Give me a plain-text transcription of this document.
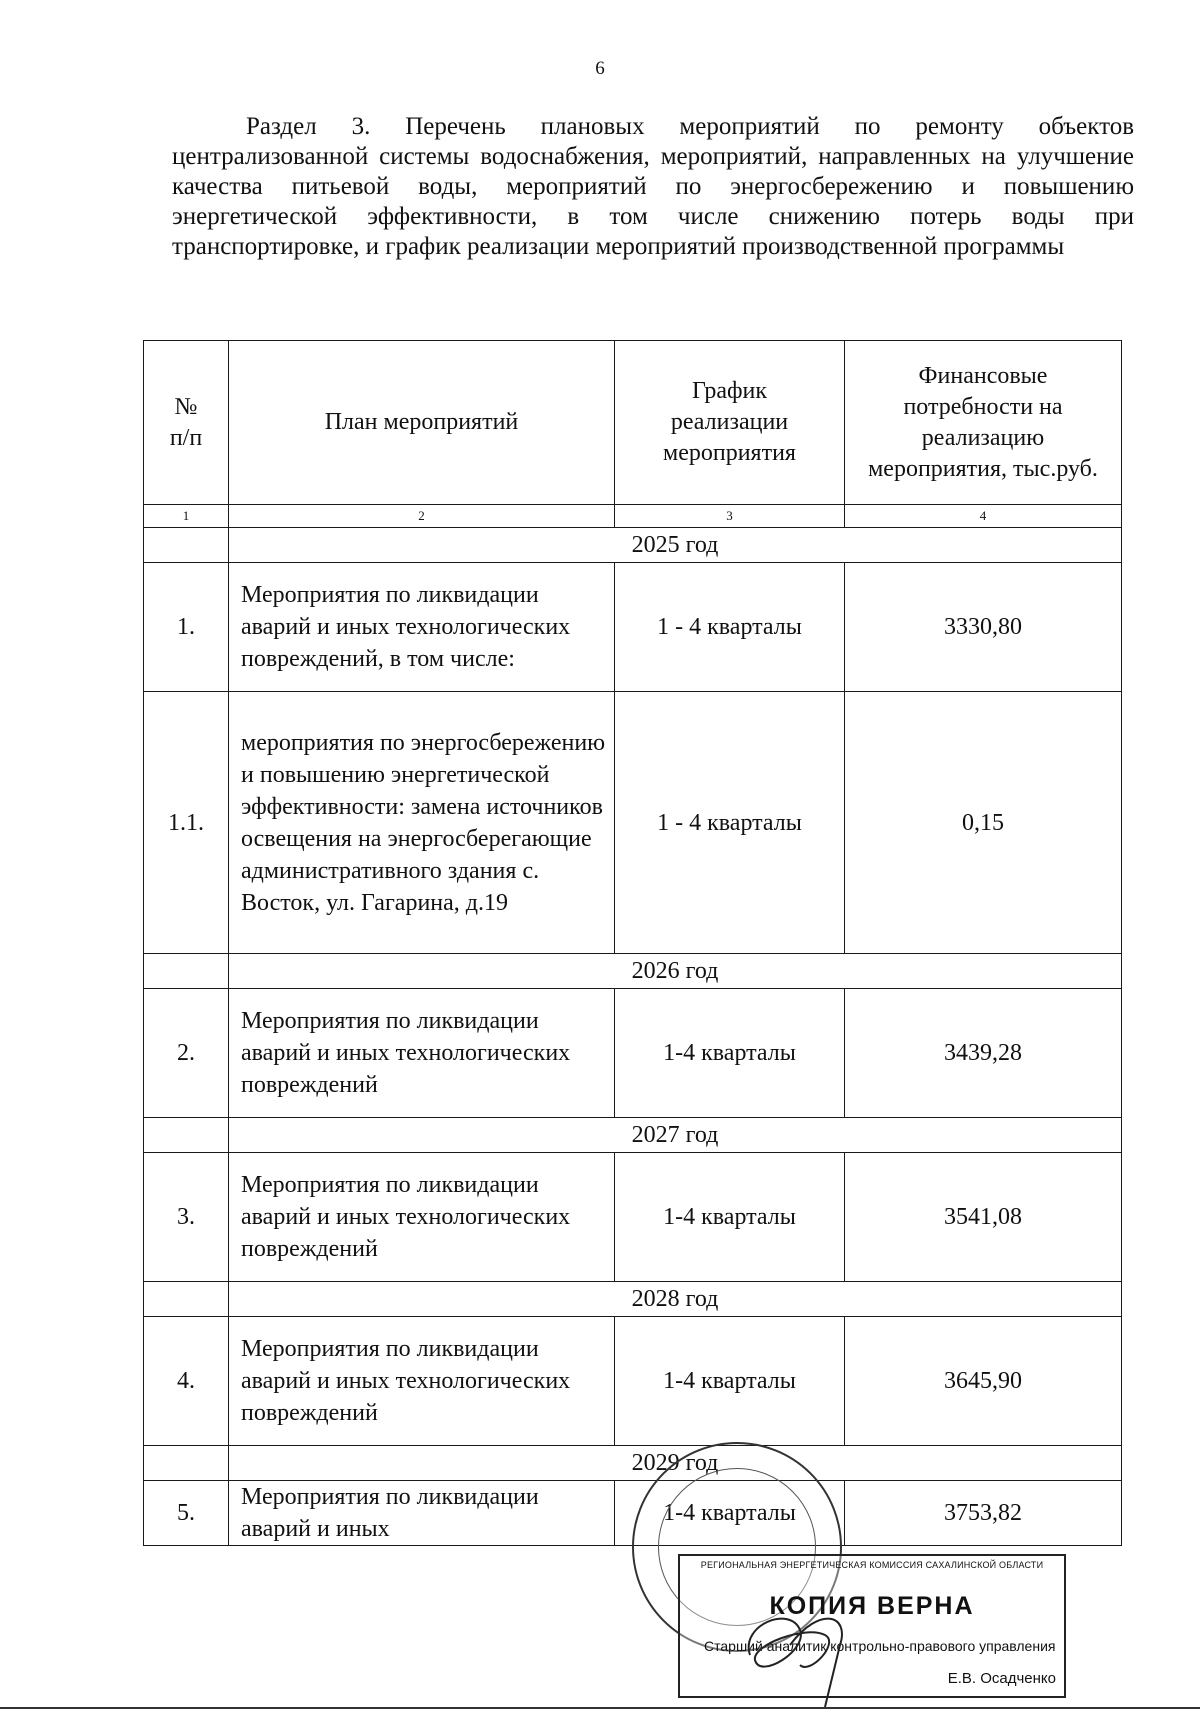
6
Раздел 3. Перечень плановых мероприятий по ремонту объектов централизованной системы водоснабжения, мероприятий, направленных на улучшение качества питьевой воды, мероприятий по энергосбережению и повышению энергетической эффективности, в том числе снижению потерь воды при транспортировке, и график реализации мероприятий производственной программы
№ п/п	План мероприятий	График реализации мероприятия	Финансовые потребности на реализацию мероприятия, тыс.руб.
1	2	3	4
	2025 год		
1.	Мероприятия по ликвидации аварий и иных технологических повреждений, в том числе:	1 - 4 кварталы	3330,80
1.1.	мероприятия по энергосбережению и повышению энергетической эффективности: замена источников освещения на энергосберегающие административного здания с. Восток, ул. Гагарина, д.19	1 - 4 кварталы	0,15
	2026 год		
2.	Мероприятия по ликвидации аварий и иных технологических повреждений	1-4 кварталы	3439,28
	2027 год		
3.	Мероприятия по ликвидации аварий и иных технологических повреждений	1-4 кварталы	3541,08
	2028 год		
4.	Мероприятия по ликвидации аварий и иных технологических повреждений	1-4 кварталы	3645,90
	2029 год		
5.	Мероприятия по ликвидации аварий и иных	1-4 кварталы	3753,82
РЕГИОНАЛЬНАЯ ЭНЕРГЕТИЧЕСКАЯ КОМИССИЯ САХАЛИНСКОЙ ОБЛАСТИ
КОПИЯ ВЕРНА
Старший аналитик контрольно-правового управления
Е.В. Осадченко
